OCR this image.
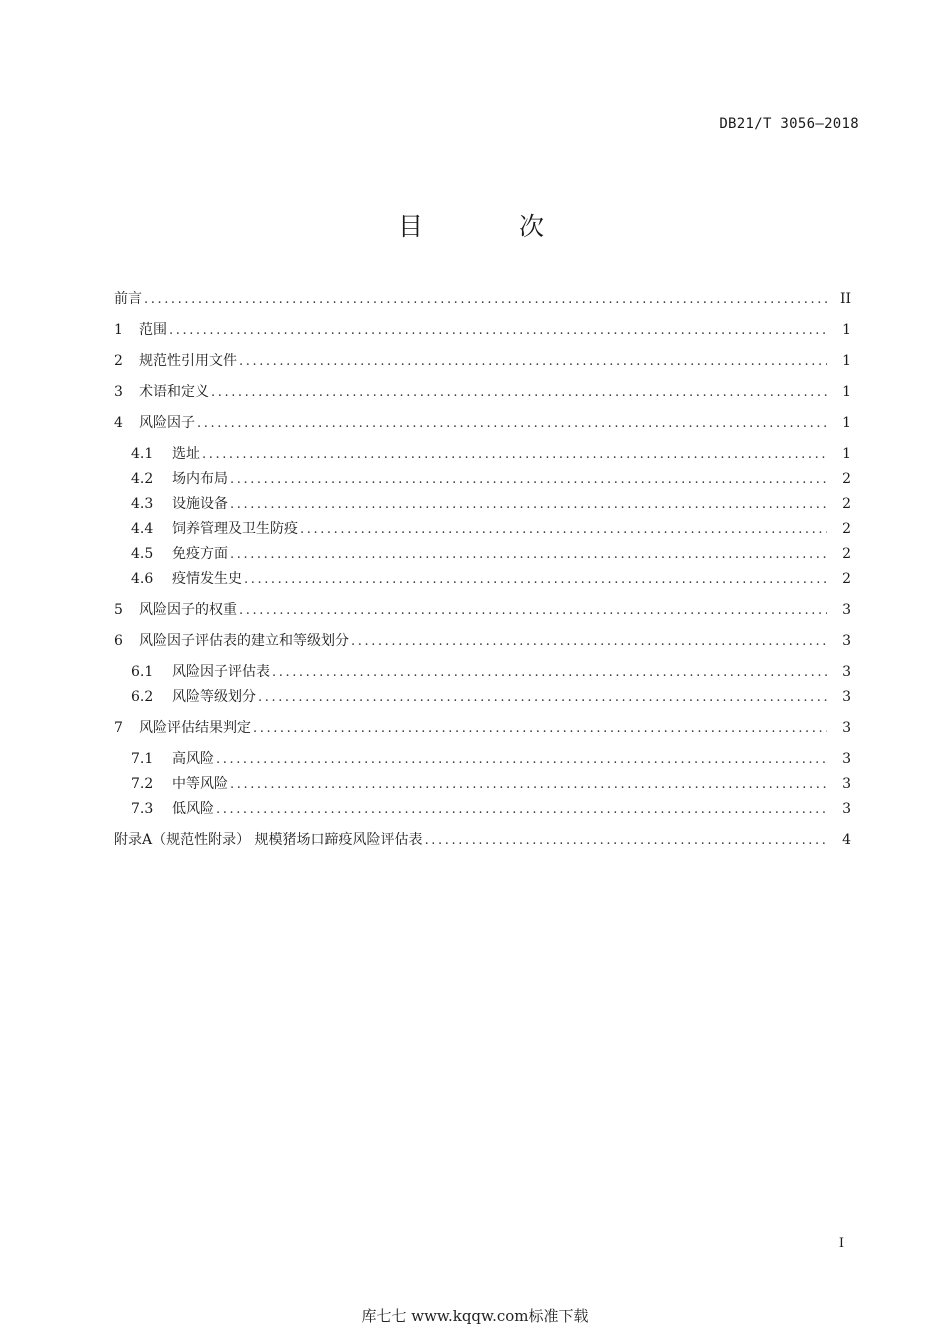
DB21/T 3056—2018
目 次
前言 .....	II
1	范围 .....	1
2	规范性引用文件 .....	1
3	术语和定义 .....	1
4	风险因子 .....	1
4.1	选址 .....	1
4.2	场内布局 .....	2
4.3	设施设备 .....	2
4.4	饲养管理及卫生防疫 .....	2
4.5	免疫方面 .....	2
4.6	疫情发生史 .....	2
5	风险因子的权重 .....	3
6	风险因子评估表的建立和等级划分 .....	3
6.1	风险因子评估表 .....	3
6.2	风险等级划分 .....	3
7	风险评估结果判定 .....	3
7.1	高风险 .....	3
7.2	中等风险 .....	3
7.3	低风险 .....	3
附录A（规范性附录） 规模猪场口蹄疫风险评估表 .....	4
I
库七七 www.kqqw.com标准下载
